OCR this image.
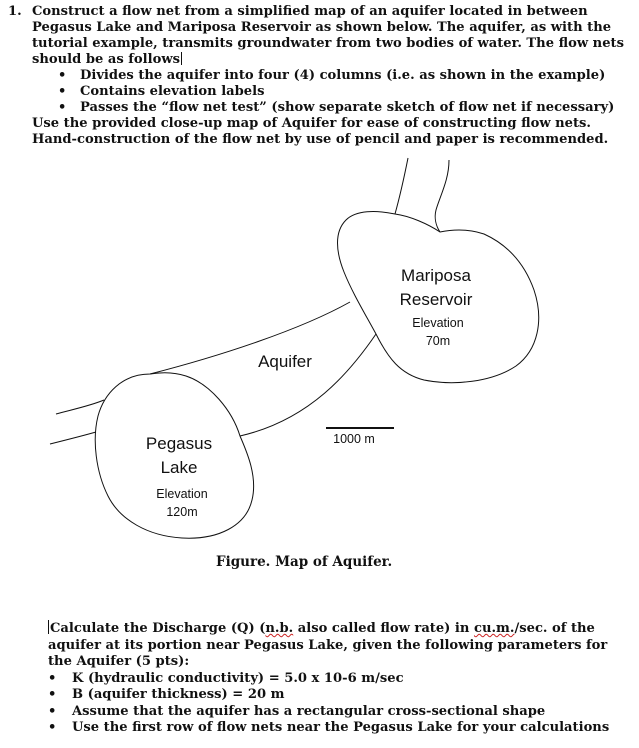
1. Construct a flow net from a simplified map of an aquifer located in between Pegasus Lake and Mariposa Reservoir as shown below. The aquifer, as with the tutorial example, transmits groundwater from two bodies of water. The flow nets should be as follows
• Divides the aquifer into four (4) columns (i.e. as shown in the example)
• Contains elevation labels
• Passes the “flow net test” (show separate sketch of flow net if necessary)
Use the provided close-up map of Aquifer for ease of constructing flow nets. Hand-construction of the flow net by use of pencil and paper is recommended.
Mariposa
Reservoir
Elevation
70m
Aquifer
Pegasus
Lake
Elevation
120m
1000 m
Figure. Map of Aquifer.
Calculate the Discharge (Q) (n.b. also called flow rate) in cu.m./sec. of the aquifer at its portion near Pegasus Lake, given the following parameters for the Aquifer (5 pts):
• K (hydraulic conductivity) = 5.0 x 10-6 m/sec
• B (aquifer thickness) = 20 m
• Assume that the aquifer has a rectangular cross-sectional shape
• Use the first row of flow nets near the Pegasus Lake for your calculations
